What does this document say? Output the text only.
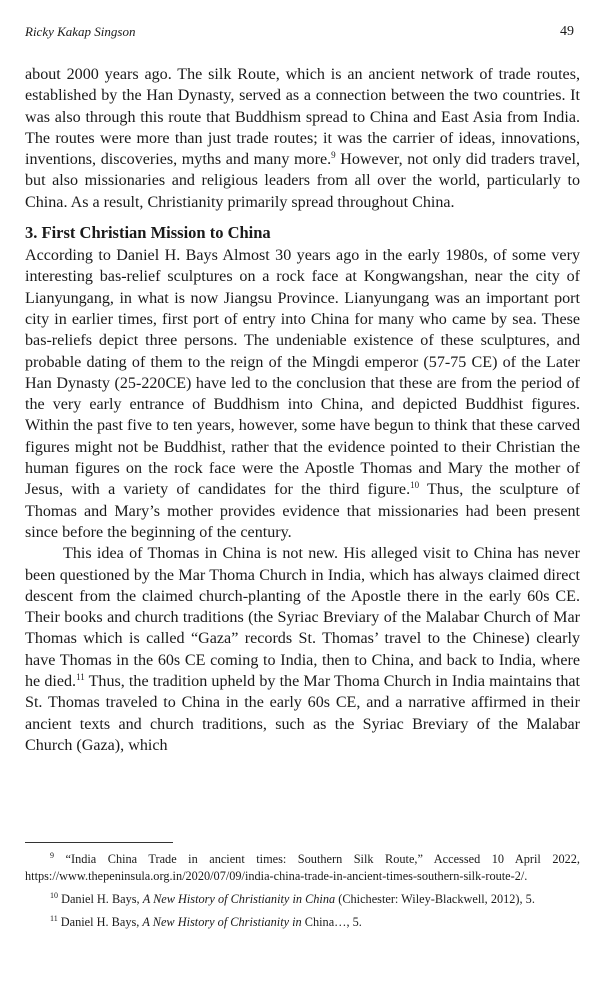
Ricky Kakap Singson	49

about 2000 years ago. The silk Route, which is an ancient network of trade routes, established by the Han Dynasty, served as a connection between the two countries. It was also through this route that Buddhism spread to China and East Asia from India. The routes were more than just trade routes; it was the carrier of ideas, innovations, inventions, discoveries, myths and many more.$^9$ However, not only did traders travel, but also missionaries and religious leaders from all over the world, particularly to China. As a result, Christianity primarily spread throughout China.

3. First Christian Mission to China

According to Daniel H. Bays Almost 30 years ago in the early 1980s, of some very interesting bas-relief sculptures on a rock face at Kongwangshan, near the city of Lianyungang, in what is now Jiangsu Province. Lianyungang was an important port city in earlier times, first port of entry into China for many who came by sea. These bas-reliefs depict three persons. The undeniable existence of these sculptures, and probable dating of them to the reign of the Mingdi emperor (57-75 CE) of the Later Han Dynasty (25-220CE) have led to the conclusion that these are from the period of the very early entrance of Buddhism into China, and depicted Buddhist figures. Within the past five to ten years, however, some have begun to think that these carved figures might not be Buddhist, rather that the evidence pointed to their Christian the human figures on the rock face were the Apostle Thomas and Mary the mother of Jesus, with a variety of candidates for the third figure.$^{10}$ Thus, the sculpture of Thomas and Mary’s mother provides evidence that missionaries had been present since before the beginning of the century.

This idea of Thomas in China is not new. His alleged visit to China has never been questioned by the Mar Thoma Church in India, which has always claimed direct descent from the claimed church-planting of the Apostle there in the early 60s CE. Their books and church traditions (the Syriac Breviary of the Malabar Church of Mar Thomas which is called “Gaza” records St. Thomas’ travel to the Chinese) clearly have Thomas in the 60s CE coming to India, then to China, and back to India, where he died.$^{11}$ Thus, the tradition upheld by the Mar Thoma Church in India maintains that St. Thomas traveled to China in the early 60s CE, and a narrative affirmed in their ancient texts and church traditions, such as the Syriac Breviary of the Malabar Church (Gaza), which

$^9$ “India China Trade in ancient times: Southern Silk Route,” Accessed 10 April 2022, https://www.thepeninsula.org.in/2020/07/09/india-china-trade-in-ancient-times-southern-silk-route-2/.

$^{10}$ Daniel H. Bays, A New History of Christianity in China (Chichester: Wiley-Blackwell, 2012), 5.

$^{11}$ Daniel H. Bays, A New History of Christianity in China…, 5.
